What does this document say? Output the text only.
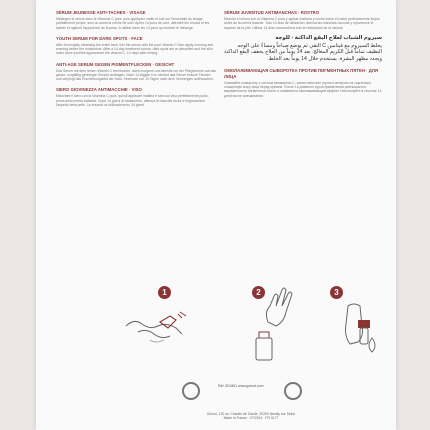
SÉRUM JEUNESSE ANTI-TACHES · VISAGE
Mélangez le sérum avec la Vitamine C pure, puis appliquez matin et soir sur l'ensemble du visage parfaitement propre, seul ou avant la crème de soin. Après 14 jours de cure, attendre les brunes et les taches et rajeunit l'apparence de la peau. A utiliser dans les 14 jours qui suivent le mélange.
YOUTH SERUM FOR DARK SPOTS · FACE
After thoroughly cleansing the entire face, mix the serum with the pure Vitamin C then apply morning and evening before the moisturizer. After a 14-day treatment course, dark spots are re-absorbed and the skin looks more youthful appearance the vitamin C. 14 days after mixing.
ANTI-AGE SERUM GEGEN PIGMENTFLECKEN · GESICHT
Das Serum mit dem reinen Vitamin C vermischen, dann morgens und abends vor der Pflegecreme auf das ganze, sorgfältig gereinigte Gesicht auftragen. Nach 14-tägiger Kur mindert das Serum braune Flecken und verjüngt das Erscheinungsbild der Haut. Innerhalb von 14 Tagen nach dem Vermengen aufbrauchen.
SIERO GIOVINEZZA ANTIMACCHIE · VISO
Miscelare il siero con la Vitamina C pura, quindi applicare mattino e sera sul viso perfettamente pulito, prima della crema trattante. Dopo 14 giorni di trattamento, attenua le macchie scure e ringiovanisce l'aspetto della pelle. La miscela va utilizzata entro 14 giorni.
SÉRUM JUVENTUD ANTIMANCHAS · ROSTRO
Mezclar el sérum con la Vitamina C pura y aplicar mañana y noche sobre el rostro perfectamente limpio antes de la crema tratante. Tras 14 días de utilización, atenúa las manchas oscuras y rejuvenece el aspecto de la piel. Utilizar 14 días consecutivos tras la realización de la mezcla.
سيروم الشباب لعلاج البقع الداكنة - للوجه
يخلط السيروم مع فيتامين C النقي ثم يوضع صباحاً ومساءً على الوجه النظيف تماماً قبل الكريم المعالج. بعد 14 يوماً من العلاج يخفف البقع الداكنة ويجدد مظهر البشرة. يستخدم خلال 14 يوماً بعد الخلط.
ОМОЛАЖИВАЮЩАЯ СЫВОРОТКА ПРОТИВ ПИГМЕНТНЫХ ПЯТЕН · ДЛЯ ЛИЦА
Смешайте сыворотку с чистым витамином С, затем нанесите утром и вечером на тщательно очищенную кожу лица перед кремом. После 14-дневного курса применения уменьшается выраженность пигментных пятен и появляется омолаживающий эффект. Используйте в течение 14 дней после смешивания.
1	2	3
Réf. 501551 www.guinot.com
Guinot, 120 av. Charles de Gaulle, 92200 Neuilly sur Seine
Made in France · 07/2014 · FR 0177
